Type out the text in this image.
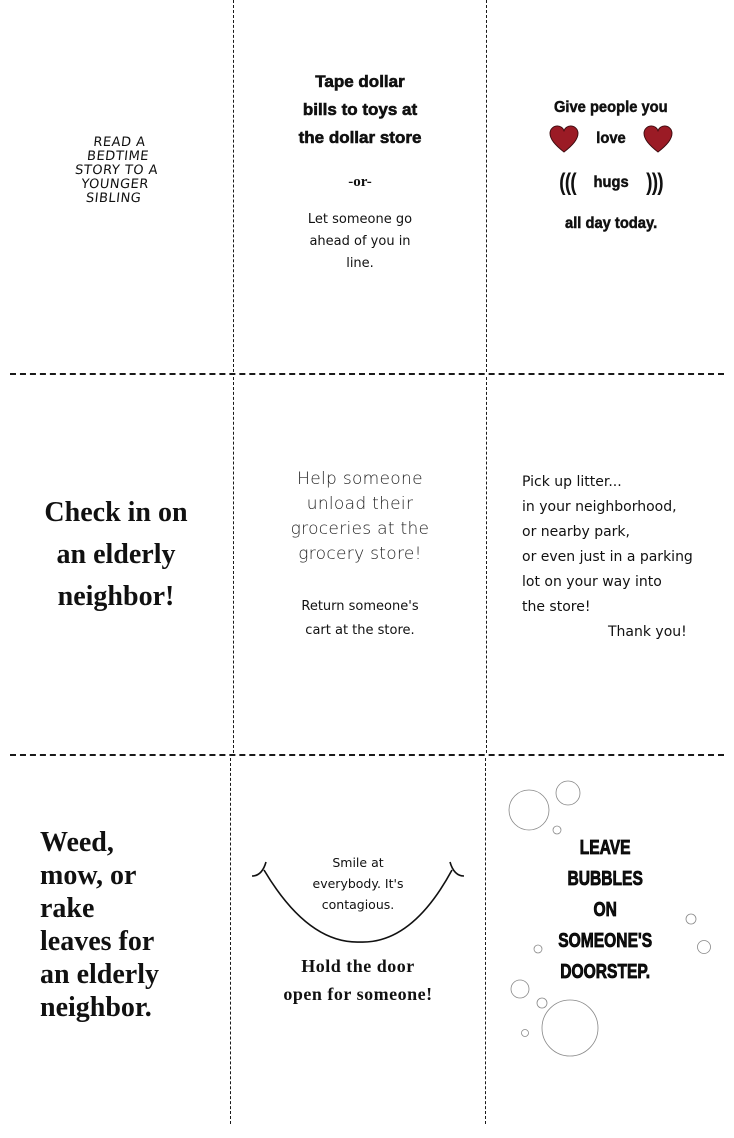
READ A
BEDTIME
STORY TO A
YOUNGER
SIBLING
Tape dollar
bills to toys at
the dollar store
-or-
Let someone go ahead of you in line.
Give people you
love
((( hugs )))
all day today.
Check in on
an elderly
neighbor!
Help someone
unload their
groceries at the
grocery store!
Return someone's
cart at the store.
Pick up litter...
in your neighborhood,
or nearby park,
or even just in a parking
lot on your way into
the store!
Thank you!
Weed,
mow, or
rake
leaves for
an elderly
neighbor.
Smile at
everybody. It's
contagious.
Hold the door
open for someone!
LEAVE
BUBBLES
ON
SOMEONE'S
DOORSTEP.
